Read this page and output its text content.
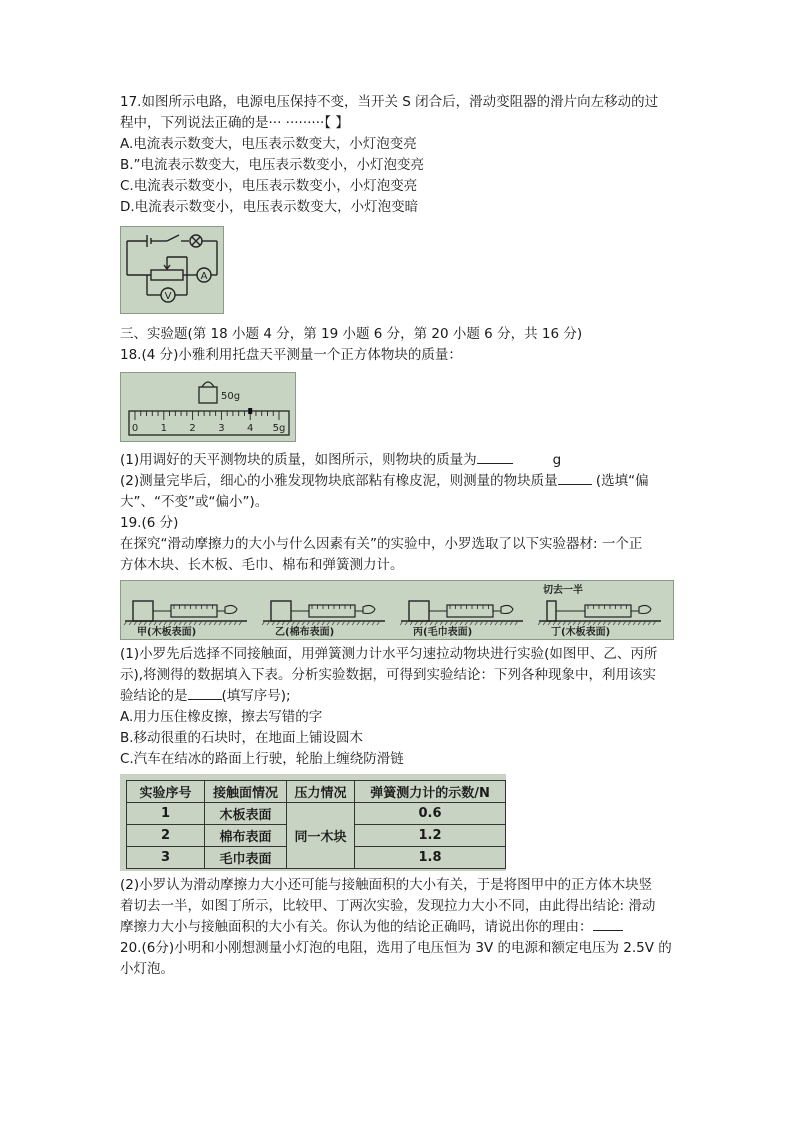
17.如图所示电路，电源电压保持不变，当开关 S 闭合后，滑动变阻器的滑片向左移动的过

程中，下列说法正确的是··· ·········【 】

A.电流表示数变大，电压表示数变大，小灯泡变亮

B.”电流表示数变大，电压表示数变小，小灯泡变亮

C.电流表示数变小，电压表示数变小，小灯泡变亮

D.电流表示数变小，电压表示数变大，小灯泡变暗

A
V

三、实验题(第 18 小题 4 分，第 19 小题 6 分，第 20 小题 6 分，共 16 分)

18.(4 分)小雅利用托盘天平测量一个正方体物块的质量：

50g
0 1 2 3 4 5g

(1)用调好的天平测物块的质量，如图所示，则物块的质量为	g

(2)测量完毕后，细心的小雅发现物块底部粘有橡皮泥，则测量的物块质量	(选填“偏

大”、“不变”或“偏小”)。

19.(6 分)

在探究“滑动摩擦力的大小与什么因素有关”的实验中，小罗选取了以下实验器材: 一个正

方体木块、长木板、毛巾、棉布和弹簧测力计。

甲(木板表面)	乙(棉布表面)	丙(毛巾表面)	丁(木板表面)
切去一半

(1)小罗先后选择不同接触面，用弹簧测力计水平匀速拉动物块进行实验(如图甲、乙、丙所

示),将测得的数据填入下表。分析实验数据，可得到实验结论：下列各种现象中，利用该实

验结论的是	(填写序号);

A.用力压住橡皮擦，擦去写错的字

B.移动很重的石块时，在地面上铺设圆木

C.汽车在结冰的路面上行驶，轮胎上缠绕防滑链

实验序号	接触面情况	压力情况	弹簧测力计的示数/N
1	木板表面	同一木块	0.6
2	棉布表面		1.2
3	毛巾表面		1.8

(2)小罗认为滑动摩擦力大小还可能与接触面积的大小有关，于是将图甲中的正方体木块竖

着切去一半，如图丁所示，比较甲、丁两次实验，发现拉力大小不同，由此得出结论: 滑动

摩擦力大小与接触面积的大小有关。你认为他的结论正确吗，请说出你的理由：

20.(6分)小明和小刚想测量小灯泡的电阻，选用了电压恒为 3V 的电源和额定电压为 2.5V 的

小灯泡。
